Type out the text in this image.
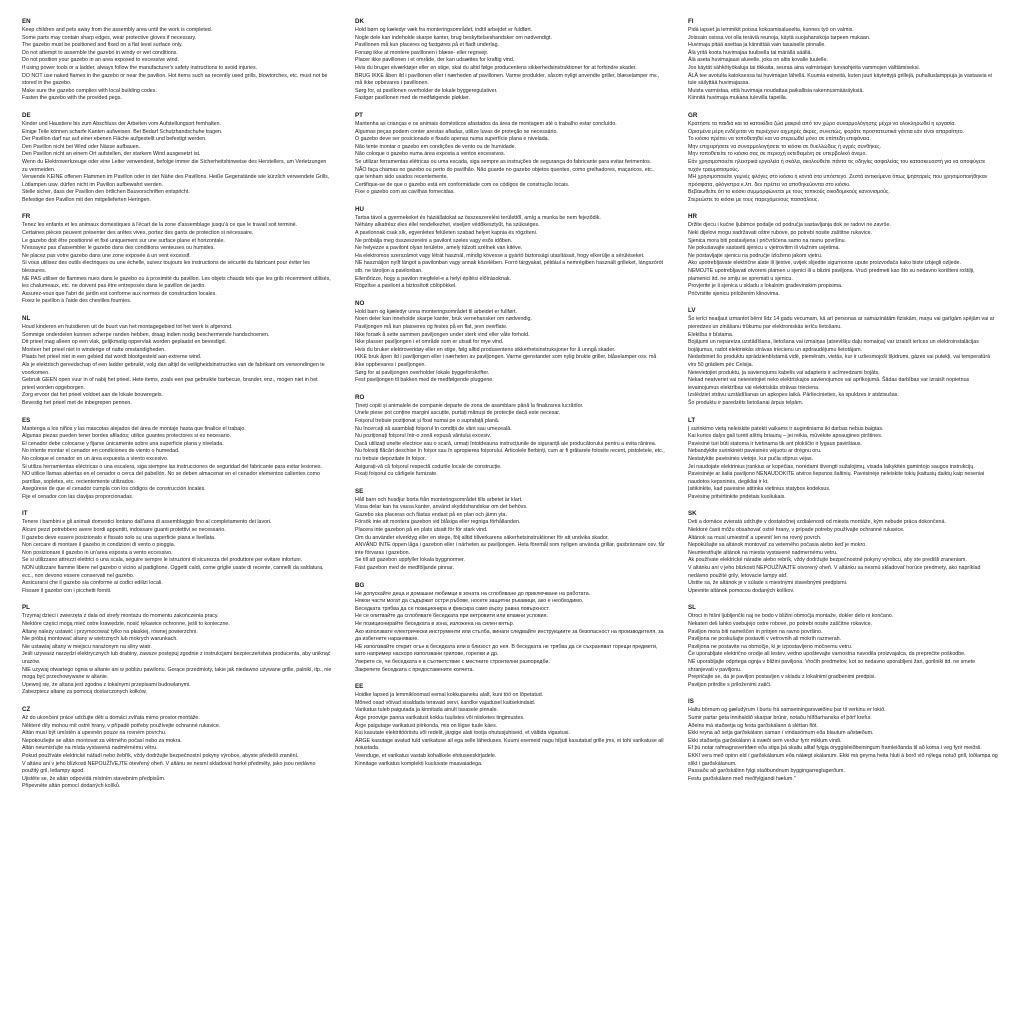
EN
Keep children and pets away from the assembly area until the work is completed.
Some parts may contain sharp edges, wear protective gloves if necessary.
The gazebo must be positioned and fixed on a flat level surface only.
Do not attempt to assemble the gazebo in windy or wet conditions.
Do not position your gazebo in an area exposed to excessive wind.
If using power tools or a ladder, always follow the manufacturer's safety instructions to avoid injuries.
DO NOT use naked flames in the gazebo or near the pavilion. Hot items such as recently used grills, blowtorches, etc. must not be stored in the gazebo.
Make sure the gazebo complies with local building codes.
Fasten the gazebo with the provided pegs.
DE
Kinder und Haustiere bis zum Abschluss der Arbeiten vom Aufstellungsort fernhalten.
Einige Teile können scharfe Kanten aufweisen. Bei Bedarf Schutzhandschuhe tragen.
Der Pavillon darf nur auf einer ebenen Fläche aufgestellt und befestigt werden.
Den Pavillon nicht bei Wind oder Nässe aufbauen.
Den Pavillon nicht an einem Ort aufstellen, der starkem Wind ausgesetzt ist.
Wenn du Elektrowerkzeuge oder eine Leiter verwendest, befolge immer die Sicherheitshinweise des Herstellers, um Verletzungen zu vermeiden.
Verwende KEINE offenen Flammen im Pavillon oder in der Nähe des Pavillons. Heiße Gegenstände wie kürzlich verwendete Grills, Lötlampen usw. dürfen nicht im Pavillon aufbewahrt werden.
Stelle sicher, dass der Pavillon den örtlichen Bauvorschriften entspricht.
Befestige den Pavillon mit den mitgelieferten Heringen.
FR
Tenez les enfants et les animaux domestiques à l'écart de la zone d'assemblage jusqu'à ce que le travail soit terminé.
Certaines pièces peuvent présenter des arêtes vives, portez des gants de protection si nécessaire.
Le gazebo doit être positionné et fixé uniquement sur une surface plane et horizontale.
N'essayez pas d'assembler le gazebo dans des conditions venteuses ou humides.
Ne placez pas votre gazebo dans une zone exposée à un vent excessif.
Si vous utilisez des outils électriques ou une échelle, suivez toujours les instructions de sécurité du fabricant pour éviter les blessures.
NE PAS utiliser de flammes nues dans le gazebo ou à proximité du pavillon. Les objets chauds tels que les grils récemment utilisés, les chalumeaux, etc. ne doivent pas être entreposés dans le pavillon de jardin.
Assurez-vous que l'abri de jardin est conforme aux normes de construction locales.
Fixez le pavillon à l'aide des chevilles fournies.
NL
Houd kinderen en huisdieren uit de buurt van het montagegebied tot het werk is afgerond.
Sommige onderdelen kunnen scherpe randen hebben, draag indien nodig beschermende handschoenen.
Dit prieel mag alleen op een vlak, gelijkmatig oppervlak worden geplaatst en bevestigd.
Monteer het prieel niet in winderige of natte omstandigheden.
Plaats het prieel niet in een gebied dat wordt blootgesteld aan extreme wind.
Als je elektrisch gereedschap of een ladder gebruikt, volg dan altijd de veiligheidsinstructies van de fabrikant om verwondingen te voorkomen.
Gebruik GEEN open vuur in of nabij het prieel. Hete items, zoals een pas gebruikte barbecue, brander, enz., mogen niet in het prieel worden opgeborgen.
Zorg ervoor dat het prieel voldoet aan de lokale bouwregels.
Bevestig het prieel met de inbegrepen pennen.
ES
Mantenga a los niños y las mascotas alejados del área de montaje hasta que finalice el trabajo.
Algunas piezas pueden tener bordes afilados; utilice guantes protectores si es necesario.
El cenador debe colocarse y fijarse únicamente sobre una superficie plana y nivelada.
No intente montar el cenador en condiciones de viento o humedad.
No coloque el cenador en un área expuesta a viento excesivo.
Si utiliza herramientas eléctricas o una escalera, siga siempre las instrucciones de seguridad del fabricante para evitar lesiones.
NO utilice llamas abiertas en el cenador o cerca del pabellón. No se deben almacenar en el cenador elementos calientes como parrillas, sopletes, etc. recientemente utilizados.
Asegúrese de que el cenador cumpla con los códigos de construcción locales.
Fije el cenador con las clavijas proporcionadas.
IT
Tenere i bambini e gli animali domestici lontano dall'area di assemblaggio fino al completamento dei lavori.
Alcuni pezzi potrebbero avere bordi appuntiti, indossare guanti protettivi se necessario.
Il gazebo deve essere posizionato e fissato solo su una superficie piana e livellata.
Non cercare di montare il gazebo in condizioni di vento o pioggia.
Non posizionare il gazebo in un'area esposta a vento eccessivo.
Se si utilizzano attrezzi elettrici o una scala, seguire sempre le istruzioni di sicurezza del produttore per evitare infortuni.
NON utilizzare fiamme libere nel gazebo o vicino al padiglione. Oggetti caldi, come griglie usate di recente, cannelli da saldatura, ecc., non devono essere conservati nel gazebo.
Assicurarsi che il gazebo sia conforme ai codici edilizi locali.
Fissare il gazebo con i picchetti forniti.
PL
Trzymaj dzieci i zwierzęta z dala od strefy montażu do momentu zakończenia pracy.
Niektóre części mogą mieć ostre krawędzie, nosić rękawice ochronne, jeśli to konieczne.
Altanę należy ustawić i przymocować tylko na płaskiej, równej powierzchni.
Nie próbuj montować altany w wietrznych lub mokrych warunkach.
Nie ustawiaj altany w miejscu narażonym na silny wiatr.
Jeśli używasz narzędzi elektrycznych lub drabiny, zawsze postępuj zgodnie z instrukcjami bezpieczeństwa producenta, aby uniknąć urazów.
NIE używaj otwartego ognia w altanie ani w pobliżu pawilonu. Gorące przedmioty, takie jak niedawno używane grille, palniki, itp., nie mogą być przechowywane w altanie.
Upewnij się, że altana jest zgodna z lokalnymi przepisami budowlanymi.
Zabezpiecz altanę za pomocą dostarczonych kołków.
CZ
Až do ukončení práce udržujte děti a domácí zvířata mimo prostor montáže.
Některé díly mohou mít ostré hrany, v případě potřeby používejte ochranné rukavice.
Altán musí být umístěn a upevněn pouze na rovném povrchu.
Nepokoušejte se altán montovat za větrného počasí nebo za mokra.
Altán neumisťujte na místa vystavená nadměrnému větru.
Pokud používáte elektrické nářadí nebo žebřík, vždy dodržujte bezpečnostní pokyny výrobce, abyste předešli zranění.
V altánu ani v jeho blízkosti NEPOUŽÍVEJTE otevřený oheň. V altánu se nesmí skladovat horké předměty, jako jsou nedávno použitý gril, letlampy apod.
Ujistěte se, že altán odpovídá místním stavebním předpisům.
Připevněte altán pomocí dodaných kolíků.
DK
Hold børn og kæledyr væk fra monteringsområdet, indtil arbejdet er fuldført.
Nogle dele kan indeholde skarpe kanter, brug beskyttelseshandsker om nødvendigt.
Pavillonen må kun placeres og fastgøres på et fladt underlag.
Forsøg ikke at montere pavillonen i blæse- eller regnvejr.
Placer ikke pavillonen i et område, der kan udsættes for kraftig vind.
Hvis du bruger elværktøjer eller en stige, skal du altid følge producentens sikkerhedsinstruktioner for at forhindre skader.
BRUG IKKE åben ild i pavillonen eller i nærheden af pavillonen. Varme produkter, såsom nyligt anvendte griller, blæselamper mv., må ikke opbevares i pavillonen.
Sørg for, at pavillonen overholder de lokale byggeregulativer.
Fastgør pavillonen med de medfølgende pløkker.
PT
Mantenha as crianças e os animais domésticos afastados da área de montagem até o trabalho estar concluído.
Algumas peças podem conter arestas afiadas, utilize luvas de proteção se necessário.
O gazebo deve ser posicionado e fixado apenas numa superfície plana e nivelada.
Não tente montar o gazebo em condições de vento ou de humidade.
Não coloque o gazebo numa área exposta a ventos excessivos.
Se utilizar ferramentas elétricas ou uma escada, siga sempre as instruções de segurança do fabricante para evitar ferimentos.
NÃO faça chamas no gazebo ou perto do pavilhão. Não guarde no gazebo objetos quentes, como grelhadores, maçaricos, etc., que tenham sido usados recentemente.
Certifique-se de que o gazebo está em conformidade com os códigos de construção locais.
Fixe o gazebo com as cavilhas fornecidas.
HU
Tartsa távol a gyermekeket és háziállatokat az összeszerelési területtől, amíg a munka be nem fejeződik.
Néhány alkatrész éles éllel rendelkezhet, viseljen védőkesztyűt, ha szükséges.
A pavilonnak csak sík, egyenletes felületen szabad helyet kapnia és rögzíteni.
Ne próbálja meg összeszerelni a pavilont szeles vagy esős időben.
Ne helyezze a pavilont olyan területre, amely túlzott szélnek van kitéve.
Ha elektromos szerszámot vagy létrát használ, mindig kövesse a gyártó biztonsági utasításait, hogy elkerülje a sérüléseket.
NE használjon nyílt lángot a pavilonban vagy annak közelében. Forró tárgyakat, például a nemrégiben használt grilleket, lángszórót stb. ne tároljon a pavilonban.
Ellenőrizze, hogy a pavilon megfelel-e a helyi építési előírásoknak.
Rögzítse a pavilont a biztosított cölöpökkel.
NO
Hold barn og kjæledyr unna monteringsområdet til arbeidet er fullført.
Noen deler kan inneholde skarpe kanter, bruk vernehansker om nødvendig.
Paviljongen må kun plasseres og festes på en flat, jevn overflate.
Ikke forsøk å sette sammen paviljongen under sterk vind eller våte forhold.
Ikke plasser paviljongen i et område som er utsatt for mye vind.
Hvis du bruker elektroverktøy eller en stige, følg alltid produsentens sikkerhetsinstruksjoner for å unngå skader.
IKKE bruk åpen ild i paviljongen eller i nærheten av paviljongen. Varme gjenstander som nylig brukte griller, blåselamper osv. må ikke oppbevares i paviljongen.
Sørg for at paviljongen overholder lokale byggeforskrifter.
Fest paviljongen til bakken med de medfølgende pluggene.
RO
Țineți copiii și animalele de companie departe de zona de asamblare până la finalizarea lucrărilor.
Unele piese pot conține margini ascuțite, purtați mănuși de protecție dacă este necesar.
Foișorul trebuie poziționat și fixat numai pe o suprafață plană.
Nu încercați să asamblați foișorul în condiții de vânt sau umezeală.
Nu poziționați foișorul într-o zonă expusă vântului excesiv.
Dacă utilizați unelte electrice sau o scară, urmați întotdeauna instrucțiunile de siguranță ale producătorului pentru a evita rănirea.
Nu folosiți flăcări deschise în foișor sau în apropierea foișorului. Articolele fierbinți, cum ar fi grătarele folosite recent, pistoletele, etc., nu trebuie depozitate în foișor.
Asigurați-vă că foișorul respectă codurile locale de construcție.
Fixați foișorul cu cârligele furnizate.
SE
Håll barn och husdjur borta från monteringsområdet tills arbetet är klart.
Vissa delar kan ha vassa kanter, använd skyddshandskar om det behövs.
Gazebo ska placeras och fästas endast på en plan och jämn yta.
Försök inte att montera gazebon vid blåsiga eller regniga förhållanden.
Placera inte gazebon på en plats utsatt för för stark vind.
Om du använder elverktyg eller en stege, följ alltid tillverkarens säkerhetsinstruktioner för att undvika skador.
ANVÄND INTE öppen låga i gazebon eller i närheten av paviljongen. Heta föremål som nyligen använda grillar, gasbrännare osv. får inte förvaras i gazebon.
Se till att gazebon uppfyller lokala byggnormer.
Fäst gazebon med de medföljande pinnar.
BG
Не допускайте деца и домашни любимци в зоната на сглобяване до приключване на работата.
Някои части могат да съдържат остри ръбове, носете защитни ръкавици, ако е необходимо.
Беседката трябва да се позиционира и фиксира само върху равна повърхност.
Не се опитвайте да сглобявате беседката при ветровити или влажни условия.
Не позиционирайте беседката в зона, изложена на силен вятър.
Ако използвате електрически инструменти или стълба, винаги следвайте инструкциите за безопасност на производителя, за да избегнете нараняване.
НЕ използвайте открит огън в беседката или в близост до нея. В беседката не трябва да се съхраняват горещи предмети, като например наскоро използвани грилове, горелки и др.
Уверете се, че беседката е в съответствие с местните строителни разпоредби.
Закрепете беседката с предоставените колчета.
EE
Hoidke lapsed ja lemmikloomad eemal kokkupaneku alalt, kuni töö on lõpetatud.
Mõned osad võivad sisaldada teravaid servi, kandke vajadusel kaitsekindaid.
Varikatus tuleb paigutada ja kinnitada ainult tasasele pinnale.
Ärge proovige panna varikatust kokku tuulistes või niisketes tingimustes.
Ärge paigutage varikatust piirkonda, mis on liigse tuule käes.
Kui kasutate elektritööriistu või redelit, järgige alati tootja ohutusjuhiseid, et vältida vigastusi.
ÄRGE kasutage avatud tuld varikatuse all ega selle läheduses. Kuumi esemeid nagu hiljuti kasutatud grille jms, ei tohi varikatuse all hoiustada.
Veenduge, et varikatus vastab kohalikele ehituseeskirjadele.
Kinnitage varikatus komplekti kuuluvate maavaiadega.
FI
Pidä lapset ja lemmikit poissa kokoamisalueelta, kunnes työ on valmis.
Joissain osissa voi olla teräviä reunoja, käytä suojahanskoja tarpeen mukaan.
Huvimaja pitää asettaa ja kiinnittää vain tasaiselle pinnalle.
Älä yritä koota huvimajaa tuulisella tai märällä säällä.
Älä aseta huvimajaasi alueelle, joka on altis kovalle tuulelle.
Jos käytät sähkötyökaluja tai tikkaita, seuraa aina valmistajan turvaohjeita vammojen välttämiseksi.
ÄLÄ tee avotulta katoksessa tai huvimajan lähellä. Kuumia esineitä, kuten juuri käytettyjä grillejä, puhalluslamppuja ja vastaavia ei tule säilyttää huvimajassa.
Muista varmistaa, että huvimaja noudattaa paikallisia rakennusmääräyksiä.
Kiinnitä huvimaja mukana tulevilla tapeilla.
GR
Κρατήστε τα παιδιά και τα κατοικίδια ζώα μακριά από τον χώρο συναρμολόγησης μέχρι να ολοκληρωθεί η εργασία.
Ορισμένα μέρη ενδέχεται να περιέχουν αιχμηρές άκρες, συνεπώς, φοράτε προστατευτικά γάντια εάν είναι απαραίτητο.
Το κιόσκι πρέπει να τοποθετηθεί και να στερεωθεί μόνο σε επίπεδη επιφάνεια.
Μην επιχειρήσετε να συναρμολογήσετε το κιόσκι σε θυελλώδεις ή υγρές συνθήκες.
Μην τοποθετείτε το κιόσκι σας σε περιοχή εκτεθειμένη σε υπερβολικό άνεμο.
Εάν χρησιμοποιείτε ηλεκτρικά εργαλεία ή σκάλα, ακολουθείτε πάντα τις οδηγίες ασφαλείας του κατασκευαστή για να αποφύγετε τυχόν τραυματισμούς.
ΜΗ χρησιμοποιείτε γυμνές φλόγες στο κιόσκι ή κοντά στο υπόστεγο. Ζεστά αντικείμενα όπως ψησταριές που χρησιμοποιήθηκαν πρόσφατα, φλόγιστρα κ.λπ. δεν πρέπει να αποθηκεύονται στο κιόσκι.
Βεβαιωθείτε ότι το κιόσκι συμμορφώνεται με τους τοπικούς οικοδομικούς κανονισμούς.
Στερεώστε το κιόσκι με τους παρεχόμενους πασσάλους.
HR
Držite djecu i kućne ljubimce podalje od područja sastavljanja dok se radovi ne završe.
Neki dijelovi mogu sadržavati oštre rubove, po potrebi nosite zaštitne rukavice.
Sjenica mora biti postavljena i pričvršćena samo na ravnu površinu.
Ne pokušavajte sastaviti sjenicu u vjetrovitim ili vlažnim uvjetima.
Ne postavljajte sjenicu na područje izloženo jakom vjetru.
Ako upotrebljavate električne alate ili ljestve, uvijek slijedite sigurnosne upute proizvođača kako biste izbjegli ozljede.
NEMOJTE upotrebljavati otvoreni plamen u sjenici ili u blizini paviljona. Vrući predmeti kao što su nedavno korišteni roštilji, plamenici itd. ne smiju se spremati u sjenicu.
Provjerite je li sjenica u skladu s lokalnim građevinskim propisima.
Pričvrstite sjenicu priloženim klinovima.
LV
Šo ierīci neatļaut izmantot bērni līdz 14 gadu vecumam, kā arī personas ar samazinātām fiziskām, maņu vai garīgām spējām vai ar pieredzes un zināšanu trūkumu par elektroniskās ierīču lietošanu.
Elektība ir bīstama.
Bojājumi un nepareiza uzstādīšana, lietošana vai izmaiņas (atsevišķu daļu nomaiņa) var izraisīt ierīces un elektroinstalācijas bojājumus, radot elektriskās strāvas triecienu un apdraudējumu lietotājam.
Nedarbiniet šo produktu sprādzienbīstamā vidē, piemēram, vietās, kur ir uzliesmojoši šķidrumi, gāzes vai putekļi, vai temperatūrā virs 50 grādiem pēc Celsija.
Neievietojiet produktu, ja savienojums kabelis vai adapteris ir acīmredzami bojāts.
Nekad neatveriet vai neievietojiet neko elektriskajos savienojumos vai aprīkojumā. Šādas darbības var izraisīt nopietnus ievainojumus elektrības vai elektriskās strāvas trieciena.
Izslēdziet strāvu uzstādīšanas un apkopes laikā. Pārliecinieties, ka spuldzes ir atdzisušas.
Šo produktu ir paredzēts lietošanai ārpus telpām.
LT
Į surinkimo vietą neleiskite patekti vaikams ir augintiniams iki darbas nebus baigtas.
Kai kurios dalys gali turėti aštrių briaunų – jei reikia, mūvėkite apsaugines pirštines.
Pavėsinė turi būti statoma ir tvirtinama tik ant plokščio ir lygaus paviršiaus.
Nebandykite surinkinėti pavėsinės vėjuotu ar drėgnu oru.
Nestatykite pavėsinės vietoje, kur pučia stiprus vėjas.
Jei naudojate elektrinius įrankius ar kopėčias, norėdami išvengti sužalojimų, visada laikykitės gamintojo saugos instrukcijų.
Pavėsinėje ar šalia paviljono NENAUDOKITE atviros liepsnos šaltinių. Pavėsinėje neleiskite tokių įkaitusių daiktų kaip neseniai naudotos kepsninės, degikliai ir kt.
Įsitikinkite, kad pavėsinė atitinka vietinius statybos kodeksus.
Pavėsinę pritvirtinkite pridėtais kuoliukais.
SK
Deti a domáce zvieratá udržujte v dostatočnej vzdialenosti od miesta montáže, kým nebude práca dokončená.
Niektoré časti môžu obsahovať ostré hrany, v prípade potreby používajte ochranné rukavice.
Altánok sa musí umiestniť a upevniť len na rovný povrch.
Nepokúšajte sa altánok montovať za veterného počasia alebo keď je mokro.
Neumiestňujte altánok na miesta vystavené nadmernému vetru.
Ak používate elektrické náradie alebo rebrík, vždy dodržujte bezpečnostné pokyny výrobcu, aby ste predišli zraneniam.
V altánku ani v jeho blízkosti NEPOUŽÍVAJTE otvorený oheň. V altánku sa nesmú skladovať horúce predmety, ako napríklad nedávno použité grily, letovacie lampy atď.
Uistite sa, že altánok je v súlade s miestnymi stavebnými predpismi.
Upevnite altánok pomocou dodaných kolíkov.
SL
Otroci in hišni ljubljenčki naj ne bodo v bližini območja montaže, dokler delo ni končano.
Nekateri deli lahko vsebujejo ostre robove, po potrebi nosite zaščitne rokavice.
Paviljon mora biti nameščen in pritrjen na ravno površino.
Paviljona ne poskušajte postaviti v vetrovnih ali mokrih razmerah.
Paviljona ne postavite na območje, ki je izpostavljeno močnemu vetru.
Če uporabljate električno orodje ali lestev, vedno upoštevajte varnostna navodila proizvajalca, da preprečite poškodbe.
NE uporabljajte odprtega ognja v bližini paviljona. Vročih predmetov, kot so nedavno uporabljeni žari, gorilniki itd. ne smete shranjevati v paviljonu.
Prepričajte se, da je paviljon postavljen v skladu z lokalnimi gradbenimi predpisi.
Paviljon pritrdite s priloženimi zatiči.
IS
Haltu börnum og gæludýrum í burtu frá samsetningarsvæðinu þar til verkinu er lokið.
Sumir partar geta innihaldið skarpar brúnir, notaðu hlífðarhanska ef þörf krefur.
Aðeins má staðsetja og festa garðskálann á sléttan flöt.
Ekki reyna að setja garðskálann saman í vindasömum eða blautum aðstæðum.
Ekki staðsetja garðskálann á svæði sem verður fyrir miklum vindi.
Ef þú notar rafmagnsverkfæri eða stiga þá skaltu alltaf fylgja öryggisleiðbeiningum framleiðanda til að koma í veg fyrir meiðsli.
EKKI vera með opinn eld í garðskálanum eða nálægt skálanum. Ekki má geyma heita hluti á borð við nýlega notuð grill, lóðlampa og slíkt í garðskálanum.
Passaðu að garðskálinn fylgi staðbundnum byggingarreglugerðum.
Festu garðskálann með meðfylgjandi hælum."
